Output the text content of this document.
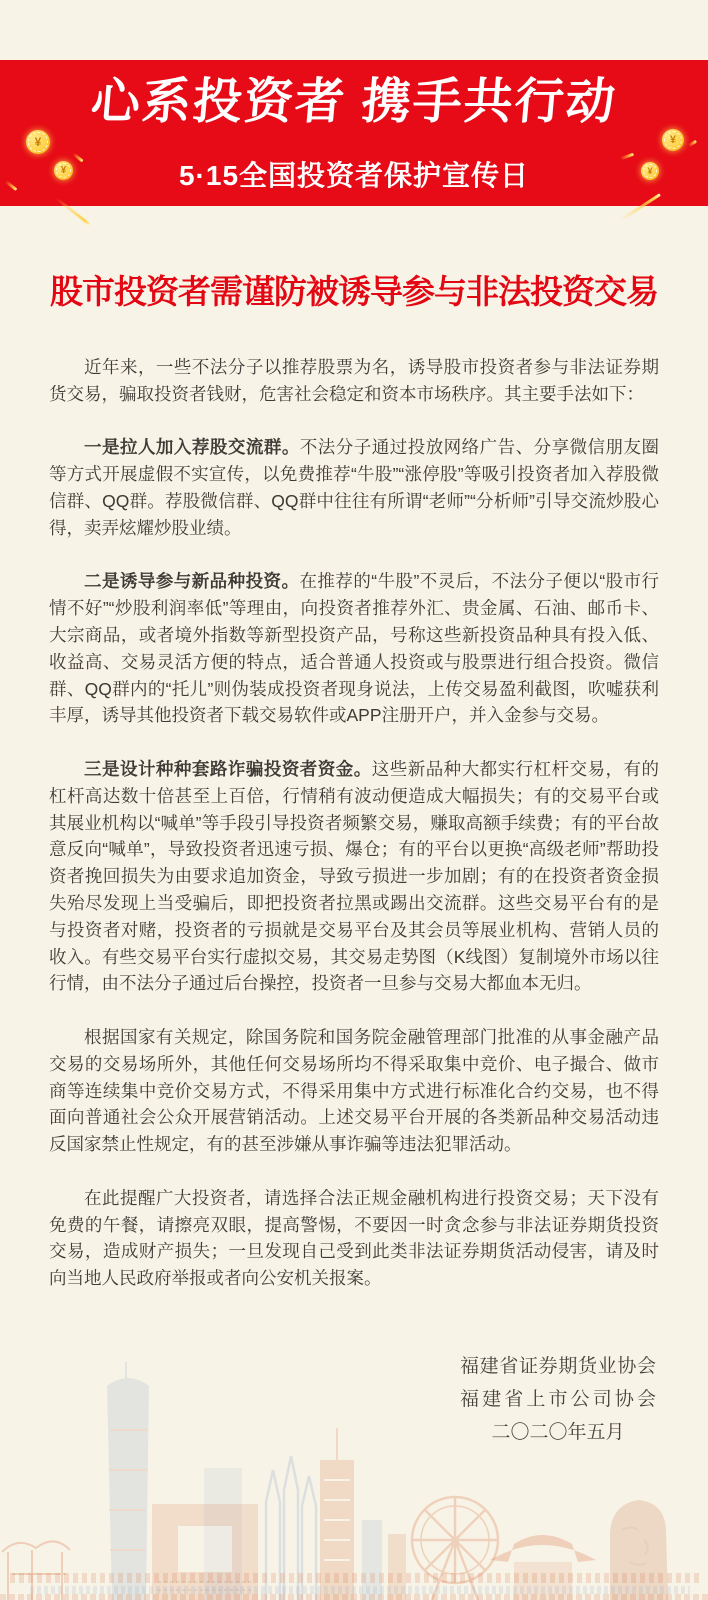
心系投资者 携手共行动
5·15全国投资者保护宣传日
¥
¥
¥
¥
股市投资者需谨防被诱导参与非法投资交易

近年来，一些不法分子以推荐股票为名，诱导股市投资者参与非法证券期货交易，骗取投资者钱财，危害社会稳定和资本市场秩序。其主要手法如下：

一是拉人加入荐股交流群。不法分子通过投放网络广告、分享微信朋友圈等方式开展虚假不实宣传，以免费推荐“牛股”“涨停股”等吸引投资者加入荐股微信群、QQ群。荐股微信群、QQ群中往往有所谓“老师”“分析师”引导交流炒股心得，卖弄炫耀炒股业绩。

二是诱导参与新品种投资。在推荐的“牛股”不灵后，不法分子便以“股市行情不好”“炒股利润率低”等理由，向投资者推荐外汇、贵金属、石油、邮币卡、大宗商品，或者境外指数等新型投资产品，号称这些新投资品种具有投入低、收益高、交易灵活方便的特点，适合普通人投资或与股票进行组合投资。微信群、QQ群内的“托儿”则伪装成投资者现身说法，上传交易盈利截图，吹嘘获利丰厚，诱导其他投资者下载交易软件或APP注册开户，并入金参与交易。

三是设计种种套路诈骗投资者资金。这些新品种大都实行杠杆交易，有的杠杆高达数十倍甚至上百倍，行情稍有波动便造成大幅损失；有的交易平台或其展业机构以“喊单”等手段引导投资者频繁交易，赚取高额手续费；有的平台故意反向“喊单”，导致投资者迅速亏损、爆仓；有的平台以更换“高级老师”帮助投资者挽回损失为由要求追加资金，导致亏损进一步加剧；有的在投资者资金损失殆尽发现上当受骗后，即把投资者拉黑或踢出交流群。这些交易平台有的是与投资者对赌，投资者的亏损就是交易平台及其会员等展业机构、营销人员的收入。有些交易平台实行虚拟交易，其交易走势图（K线图）复制境外市场以往行情，由不法分子通过后台操控，投资者一旦参与交易大都血本无归。

根据国家有关规定，除国务院和国务院金融管理部门批准的从事金融产品交易的交易场所外，其他任何交易场所均不得采取集中竞价、电子撮合、做市商等连续集中竞价交易方式，不得采用集中方式进行标准化合约交易，也不得面向普通社会公众开展营销活动。上述交易平台开展的各类新品种交易活动违反国家禁止性规定，有的甚至涉嫌从事诈骗等违法犯罪活动。

在此提醒广大投资者，请选择合法正规金融机构进行投资交易；天下没有免费的午餐，请擦亮双眼，提高警惕，不要因一时贪念参与非法证券期货投资交易，造成财产损失；一旦发现自己受到此类非法证券期货活动侵害，请及时向当地人民政府举报或者向公安机关报案。

福建省证券期货业协会
福建省上市公司协会
二〇二〇年五月
